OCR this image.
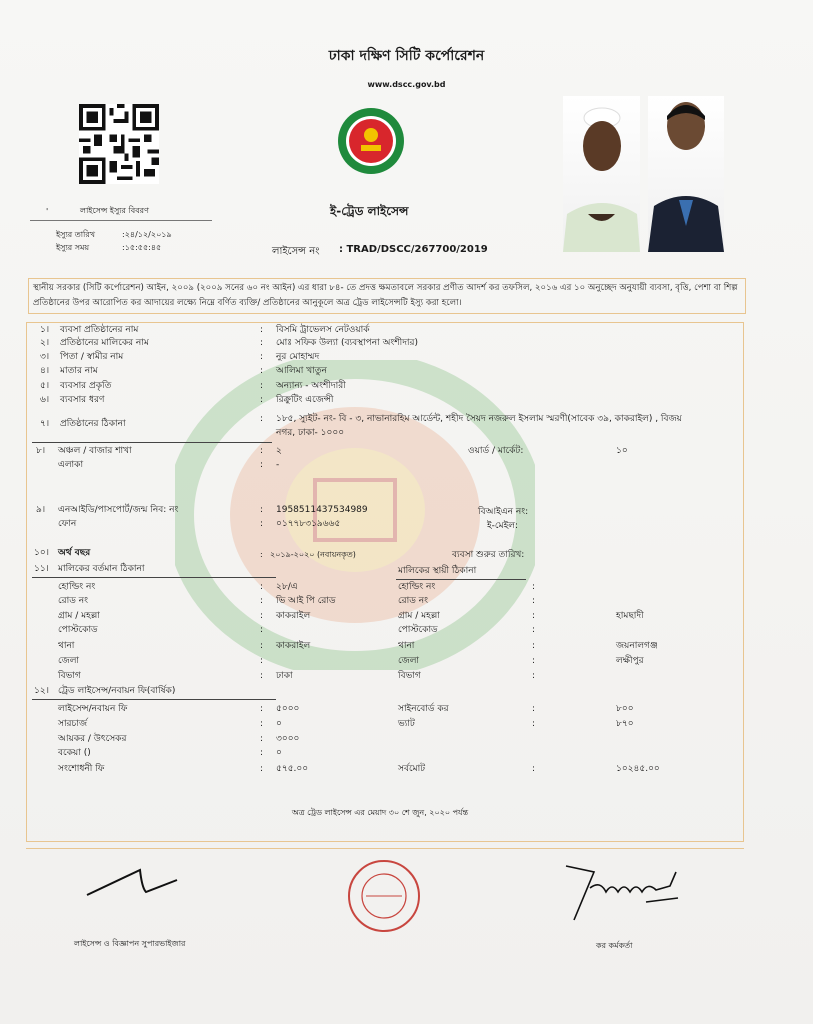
ঢাকা দক্ষিণ সিটি কর্পোরেশন
www.dscc.gov.bd
'	লাইসেন্স ইস্যুর বিবরণ
ইস্যুর তারিখ	:২৪/১২/২০১৯
ইস্যুর সময়	:১৫:৫৫:৪৫
ই-ট্রেড লাইসেন্স
লাইসেন্স নং : TRAD/DSCC/267700/2019
স্থানীয় সরকার (সিটি কর্পোরেশন) আইন, ২০০৯ (২০০৯ সনের ৬০ নং আইন) এর ধারা ৮৪- তে প্রদত্ত ক্ষমতাবলে সরকার প্রণীত আদর্শ কর তফসিল, ২০১৬ এর ১০ অনুচ্ছেদ অনুযায়ী ব্যবসা, বৃত্তি, পেশা বা শিল্প প্রতিষ্ঠানের উপর আরোপিত কর আদায়ের লক্ষ্যে নিম্নে বর্ণিত ব্যক্তি/ প্রতিষ্ঠানের আনুকূলে অত্র ট্রেড লাইসেন্সটি ইস্যু করা হলো।
১। ব্যবসা প্রতিষ্ঠানের নাম	: বিসমি ট্রাভেলস নেটওয়ার্ক
২। প্রতিষ্ঠানের মালিকের নাম	: মোঃ সফিক উল্যা (ব্যবস্থাপনা অংশীদার)
৩। পিতা / স্বামীর নাম	: নুর মোহাম্মদ
৪। মাতার নাম	: আলিমা খাতুন
৫। ব্যবসার প্রকৃতি	: অন্যান্য - অংশীদারী
৬। ব্যবসার ধরণ	: রিক্রুটিং এজেন্সী
৭। প্রতিষ্ঠানের ঠিকানা	: ১৮৫, স্যুইট- নং- বি - ৩, নাভানারহিম আর্ডেন্ট, শহীদ সৈয়দ নজরুল ইসলাম স্মরণী(সাবেক ৩৯, কাকরাইল) , বিজয়
নগর, ঢাকা- ১০০০
৮। অঞ্চল / বাজার শাখা	: ২	ওয়ার্ড / মার্কেট:	১০
এলাকা	: -
৯। এনআইডি/পাসপোর্ট/জন্ম নিব: নং	: 1958511437534989	বিআইএন নং:
ফোন	: ০১৭৭৮৩১৯৬৬৫	ই-মেইল:
১০। অর্থ বছর	: ২০১৯-২০২০ (নবায়নকৃত)	ব্যবসা শুরুর তারিখ:
১১। মালিকের বর্তমান ঠিকানা	মালিকের স্থায়ী ঠিকানা
হোল্ডিং নং	: ২৮/এ	হোল্ডিং নং	:
রোড নং	: ভি আই পি রোড	রোড নং	:
গ্রাম / মহল্লা	: কাকরাইল	গ্রাম / মহল্লা	:	হামছাদী
পোস্টকোড	:	পোস্টকোড	:
থানা	: কাকরাইল	থানা	:	জয়নালগঞ্জ
জেলা	:	জেলা	:	লক্ষীপুর
বিভাগ	: ঢাকা	বিভাগ	:
১২। ট্রেড লাইসেন্স/নবায়ন ফি(বার্ষিক)
লাইসেন্স/নবায়ন ফি	: ৫০০০	সাইনবোর্ড কর	:	৮০০
সারচার্জ	: ০	ভ্যাট	:	৮৭০
আয়কর / উৎসেকর	: ৩০০০
বকেয়া ()	: ০
সংশোধনী ফি	: ৫৭৫.০০	সর্বমোট	:	১০২৪৫.০০
অত্র ট্রেড লাইসেন্স এর মেয়াদ ৩০ শে জুন, ২০২০ পর্যন্ত
লাইসেন্স ও বিজ্ঞাপন সুপারভাইজার	কর কর্মকর্তা
